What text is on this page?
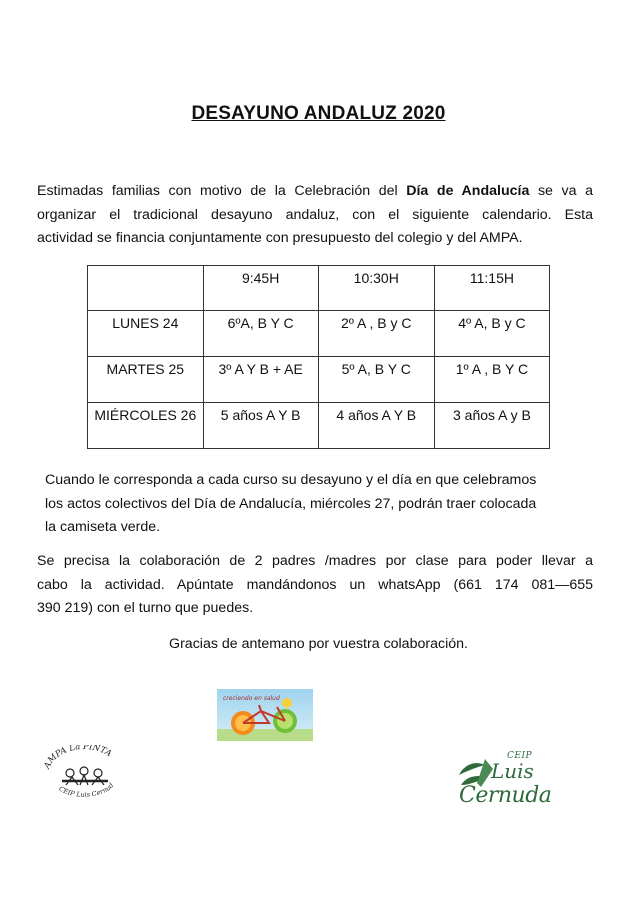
DESAYUNO ANDALUZ 2020
Estimadas familias con motivo de la Celebración del Día de Andalucía se va a
organizar el tradicional desayuno andaluz, con el siguiente calendario. Esta
actividad se financia conjuntamente con presupuesto del colegio y del AMPA.
	9:45H	10:30H	11:15H
LUNES 24	6ºA, B Y C	2º A , B y C	4º A, B y C
MARTES 25	3º A Y B + AE	5º A, B Y C	1º A , B Y C
MIÉRCOLES 26	5 años A Y B	4 años A Y B	3 años A y B
Cuando le corresponda a cada curso su desayuno y el día en que celebramos
los actos colectivos del Día de Andalucía, miércoles 27, podrán traer colocada
la camiseta verde.
Se precisa la colaboración de 2 padres /madres por clase para poder llevar a
cabo la actividad. Apúntate mandándonos un whatsApp (661 174 081—655
390 219) con el turno que puedes.
Gracias de antemano por vuestra colaboración.
creciendo en salud
AMPA La PINTA
CEIP Luis Cernud
CEIP
Luis
Cernuda
